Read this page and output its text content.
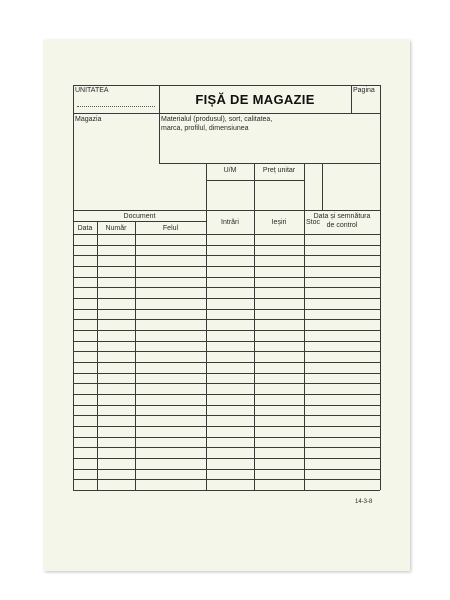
UNITATEA
FIȘĂ DE MAGAZIE
Pagina
Magazia	Materialul (produsul), sort, calitatea,
marca, profilul, dimensiunea
U/M	Preț unitar
Document
Data	Număr	Felul
Intrări	Ieșiri	Stoc
Data și semnătura
de control
14-3-8
